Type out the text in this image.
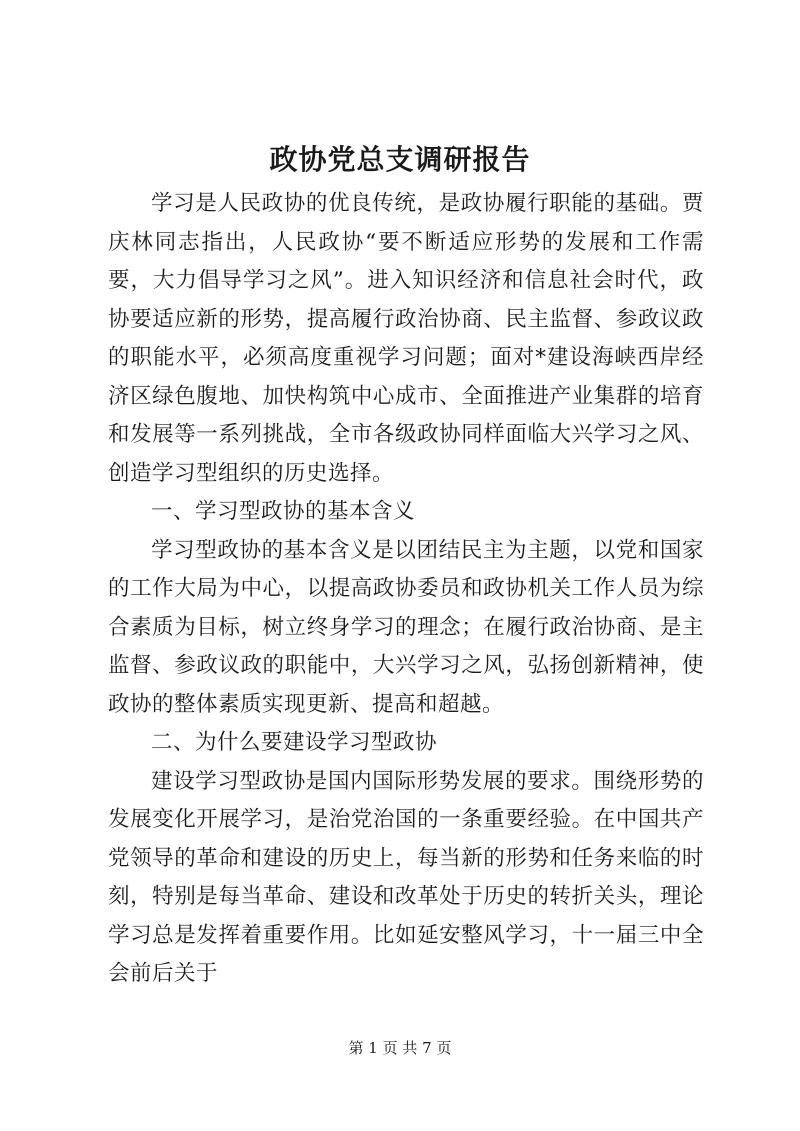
政协党总支调研报告

学习是人民政协的优良传统，是政协履行职能的基础。贾庆林同志指出，人民政协“要不断适应形势的发展和工作需要，大力倡导学习之风”。进入知识经济和信息社会时代，政协要适应新的形势，提高履行政治协商、民主监督、参政议政的职能水平，必须高度重视学习问题；面对*建设海峡西岸经济区绿色腹地、加快构筑中心成市、全面推进产业集群的培育和发展等一系列挑战，全市各级政协同样面临大兴学习之风、创造学习型组织的历史选择。

一、学习型政协的基本含义

学习型政协的基本含义是以团结民主为主题，以党和国家的工作大局为中心，以提高政协委员和政协机关工作人员为综合素质为目标，树立终身学习的理念；在履行政治协商、是主监督、参政议政的职能中，大兴学习之风，弘扬创新精神，使政协的整体素质实现更新、提高和超越。

二、为什么要建设学习型政协

建设学习型政协是国内国际形势发展的要求。围绕形势的发展变化开展学习，是治党治国的一条重要经验。在中国共产党领导的革命和建设的历史上，每当新的形势和任务来临的时刻，特别是每当革命、建设和改革处于历史的转折关头，理论学习总是发挥着重要作用。比如延安整风学习，十一届三中全会前后关于

第 1 页 共 7 页
